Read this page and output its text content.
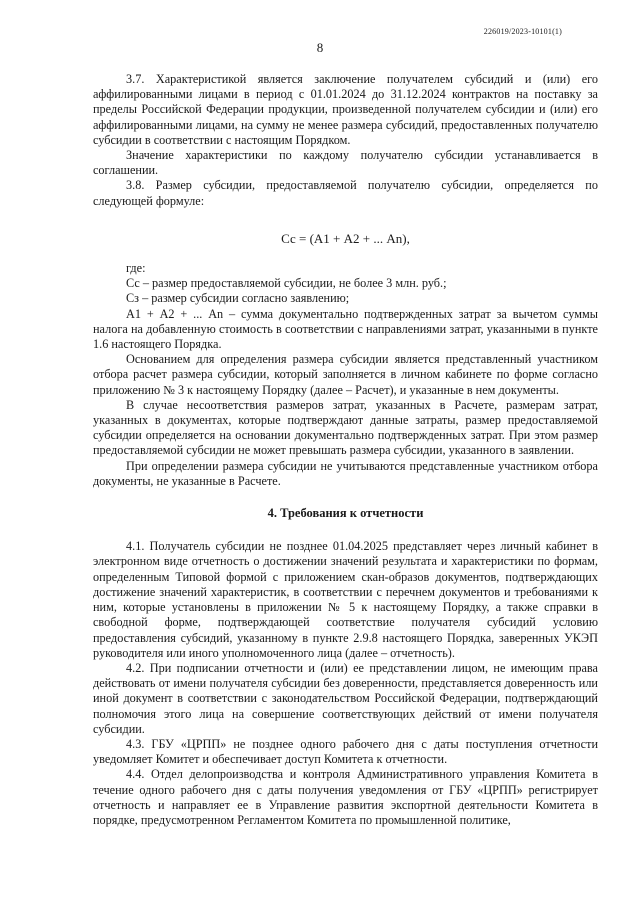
226019/2023-10101(1)
8

3.7. Характеристикой является заключение получателем субсидий и (или) его аффилированными лицами в период с 01.01.2024 до 31.12.2024 контрактов на поставку за пределы Российской Федерации продукции, произведенной получателем субсидии и (или) его аффилированными лицами, на сумму не менее размера субсидий, предоставленных получателю субсидии в соответствии с настоящим Порядком.

Значение характеристики по каждому получателю субсидии устанавливается в соглашении.

3.8. Размер субсидии, предоставляемой получателю субсидии, определяется по следующей формуле:

Сс = (А1 + А2 + ... Аn),

где:

Сс – размер предоставляемой субсидии, не более 3 млн. руб.;

Сз – размер субсидии согласно заявлению;

А1 + А2 + ... Аn – сумма документально подтвержденных затрат за вычетом суммы налога на добавленную стоимость в соответствии с направлениями затрат, указанными в пункте 1.6 настоящего Порядка.

Основанием для определения размера субсидии является представленный участником отбора расчет размера субсидии, который заполняется в личном кабинете по форме согласно приложению № 3 к настоящему Порядку (далее – Расчет), и указанные в нем документы.

В случае несоответствия размеров затрат, указанных в Расчете, размерам затрат, указанных в документах, которые подтверждают данные затраты, размер предоставляемой субсидии определяется на основании документально подтвержденных затрат. При этом размер предоставляемой субсидии не может превышать размера субсидии, указанного в заявлении.

При определении размера субсидии не учитываются представленные участником отбора документы, не указанные в Расчете.

4. Требования к отчетности

4.1. Получатель субсидии не позднее 01.04.2025 представляет через личный кабинет в электронном виде отчетность о достижении значений результата и характеристики по формам, определенным Типовой формой с приложением скан-образов документов, подтверждающих достижение значений характеристик, в соответствии с перечнем документов и требованиями к ним, которые установлены в приложении № 5 к настоящему Порядку, а также справки в свободной форме, подтверждающей соответствие получателя субсидий условию предоставления субсидий, указанному в пункте 2.9.8 настоящего Порядка, заверенных УКЭП руководителя или иного уполномоченного лица (далее – отчетность).

4.2. При подписании отчетности и (или) ее представлении лицом, не имеющим права действовать от имени получателя субсидии без доверенности, представляется доверенность или иной документ в соответствии с законодательством Российской Федерации, подтверждающий полномочия этого лица на совершение соответствующих действий от имени получателя субсидии.

4.3. ГБУ «ЦРПП» не позднее одного рабочего дня с даты поступления отчетности уведомляет Комитет и обеспечивает доступ Комитета к отчетности.

4.4. Отдел делопроизводства и контроля Административного управления Комитета в течение одного рабочего дня с даты получения уведомления от ГБУ «ЦРПП» регистрирует отчетность и направляет ее в Управление развития экспортной деятельности Комитета в порядке, предусмотренном Регламентом Комитета по промышленной политике,
